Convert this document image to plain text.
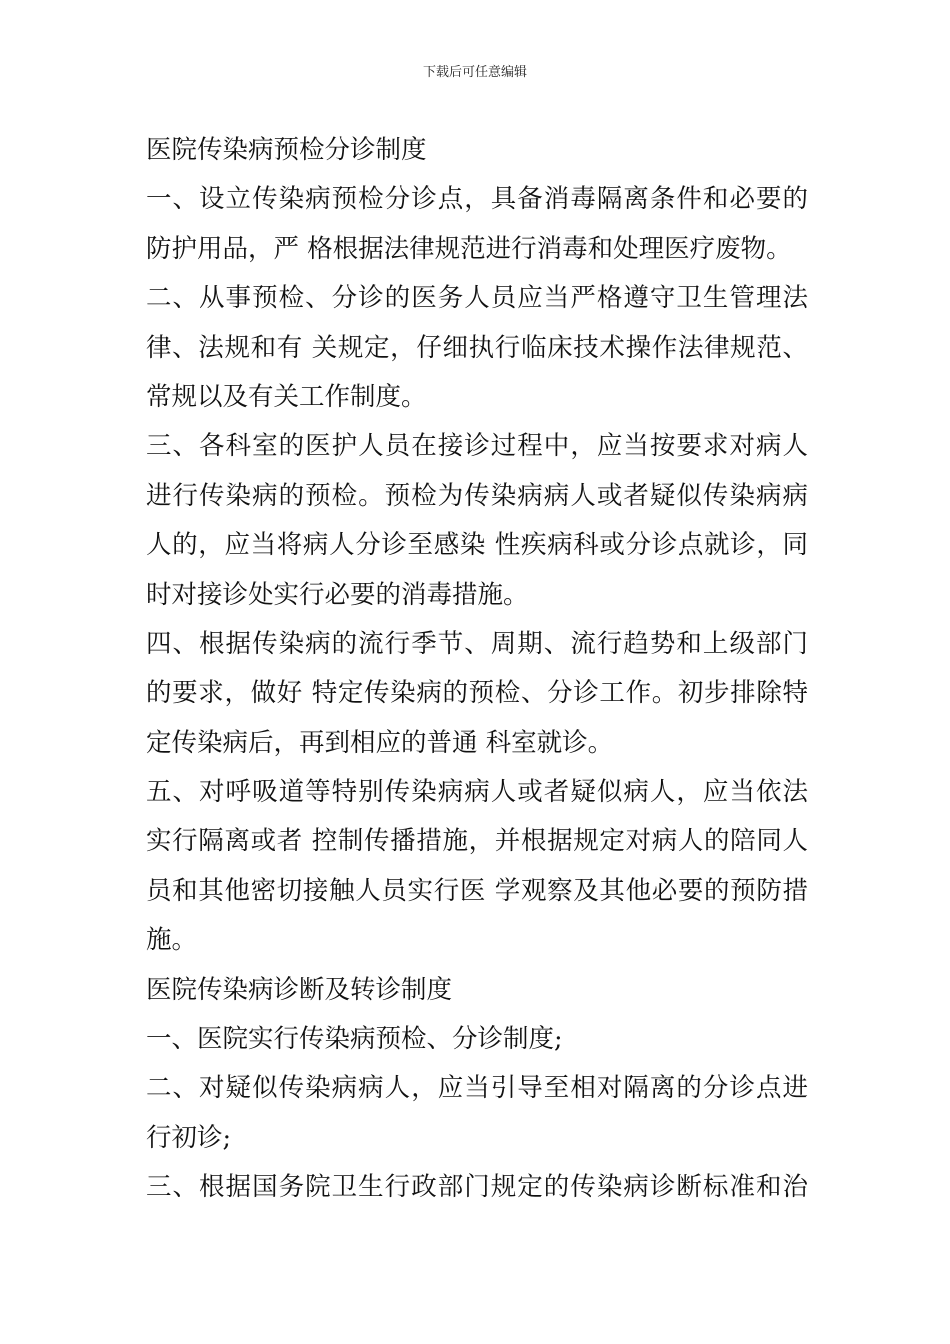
下载后可任意编辑
医院传染病预检分诊制度
一、设立传染病预检分诊点，具备消毒隔离条件和必要的
防护用品，严 格根据法律规范进行消毒和处理医疗废物。
二、从事预检、分诊的医务人员应当严格遵守卫生管理法
律、法规和有 关规定，仔细执行临床技术操作法律规范、
常规以及有关工作制度。
三、各科室的医护人员在接诊过程中，应当按要求对病人
进行传染病的预检。预检为传染病病人或者疑似传染病病
人的，应当将病人分诊至感染 性疾病科或分诊点就诊，同
时对接诊处实行必要的消毒措施。
四、根据传染病的流行季节、周期、流行趋势和上级部门
的要求，做好 特定传染病的预检、分诊工作。初步排除特
定传染病后，再到相应的普通 科室就诊。
五、对呼吸道等特别传染病病人或者疑似病人，应当依法
实行隔离或者 控制传播措施，并根据规定对病人的陪同人
员和其他密切接触人员实行医 学观察及其他必要的预防措
施。
医院传染病诊断及转诊制度
一、医院实行传染病预检、分诊制度;
二、对疑似传染病病人，应当引导至相对隔离的分诊点进
行初诊;
三、根据国务院卫生行政部门规定的传染病诊断标准和治
